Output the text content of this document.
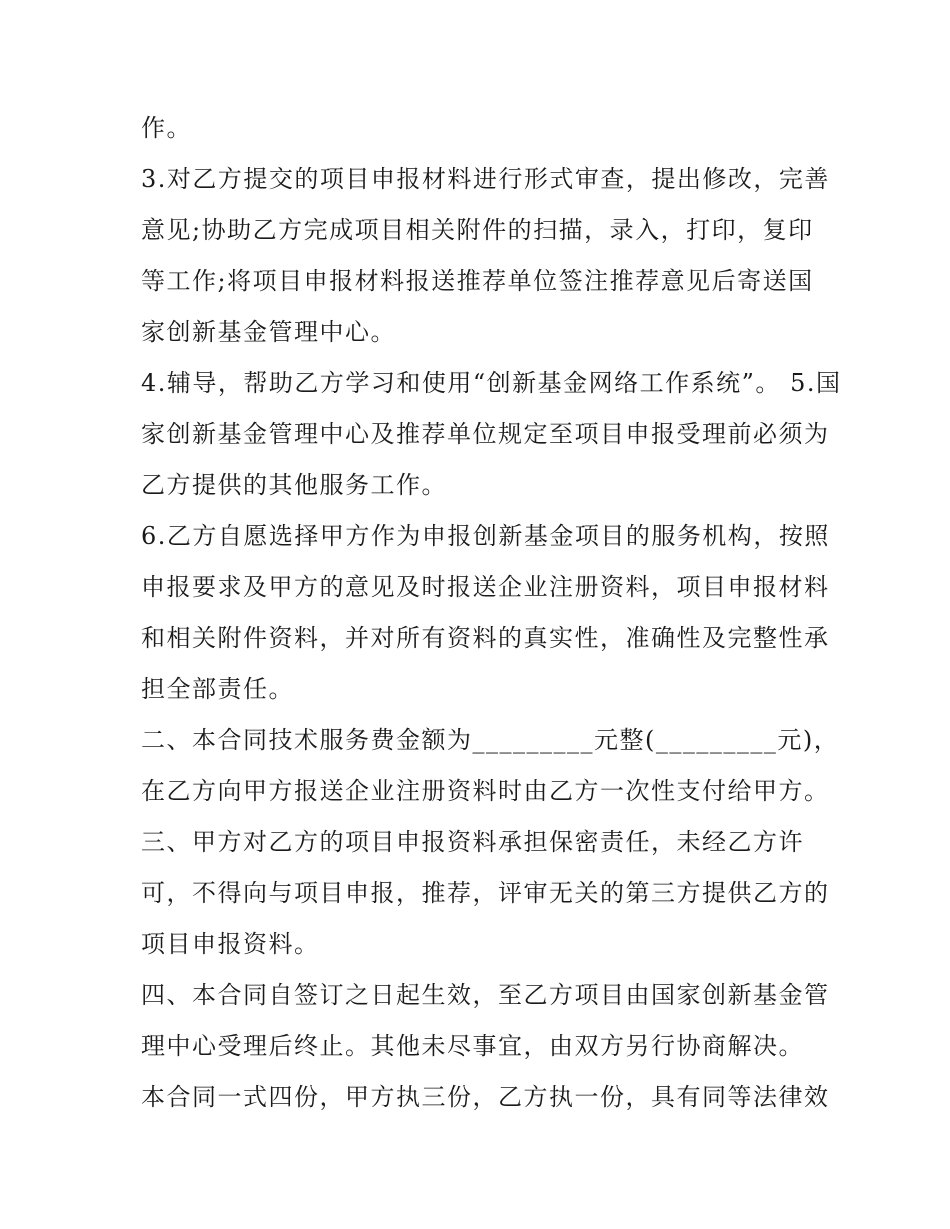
作。
3.对乙方提交的项目申报材料进行形式审查，提出修改，完善
意见;协助乙方完成项目相关附件的扫描，录入，打印，复印
等工作;将项目申报材料报送推荐单位签注推荐意见后寄送国
家创新基金管理中心。
4.辅导，帮助乙方学习和使用“创新基金网络工作系统”。 5.国
家创新基金管理中心及推荐单位规定至项目申报受理前必须为
乙方提供的其他服务工作。
6.乙方自愿选择甲方作为申报创新基金项目的服务机构，按照
申报要求及甲方的意见及时报送企业注册资料，项目申报材料
和相关附件资料，并对所有资料的真实性，准确性及完整性承
担全部责任。
二、本合同技术服务费金额为_________元整(_________元)，
在乙方向甲方报送企业注册资料时由乙方一次性支付给甲方。
三、甲方对乙方的项目申报资料承担保密责任，未经乙方许
可，不得向与项目申报，推荐，评审无关的第三方提供乙方的
项目申报资料。
四、本合同自签订之日起生效，至乙方项目由国家创新基金管
理中心受理后终止。其他未尽事宜，由双方另行协商解决。
本合同一式四份，甲方执三份，乙方执一份，具有同等法律效
